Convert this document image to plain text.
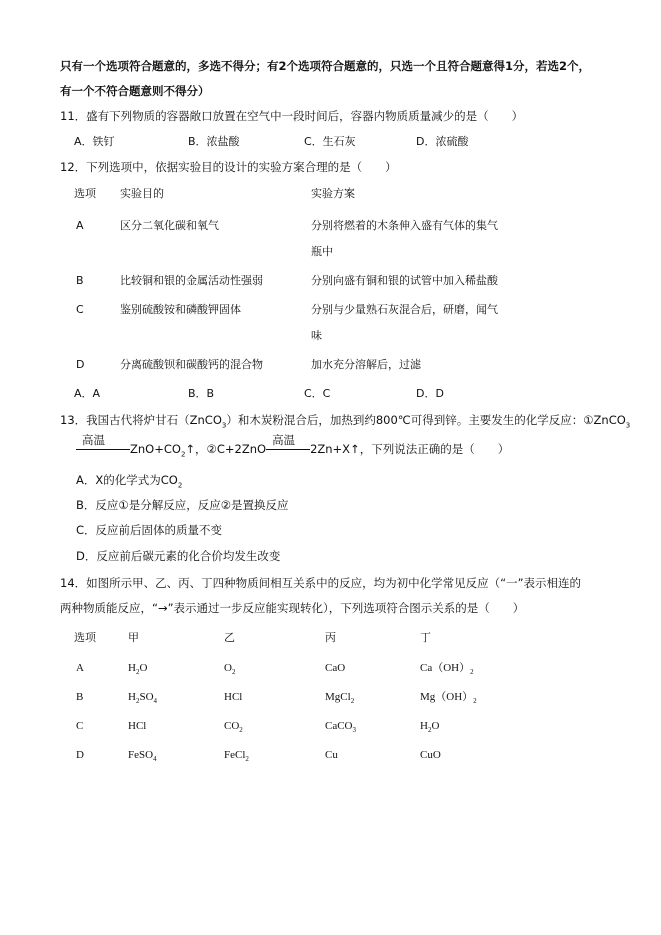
只有一个选项符合题意的，多选不得分；有2个选项符合题意的，只选一个且符合题意得1分，若选2个，
有一个不符合题意则不得分）
11．盛有下列物质的容器敞口放置在空气中一段时间后，容器内物质质量减少的是（　　）
A．铁钉	B．浓盐酸	C．生石灰	D．浓硫酸
12．下列选项中，依据实验目的设计的实验方案合理的是（　　）
选项 实验目的	实验方案
A	区分二氧化碳和氧气	分别将燃着的木条伸入盛有气体的集气
瓶中
B	比较铜和银的金属活动性强弱	分别向盛有铜和银的试管中加入稀盐酸
C	鉴别硫酸铵和磷酸钾固体	分别与少量熟石灰混合后，研磨，闻气
味
D	分离硫酸钡和碳酸钙的混合物	加水充分溶解后，过滤
A．A	B．B	C．C	D．D
13．我国古代将炉甘石（ZnCO$_3$）和木炭粉混合后，加热到约800℃可得到锌。主要发生的化学反应：①ZnCO$_3$
高温
$ZnO+CO_2↑$，②C+2ZnO
高温
2Zn+X↑，下列说法正确的是（　　）
A．X的化学式为$CO_2$
B．反应①是分解反应，反应②是置换反应
C．反应前后固体的质量不变
D．反应前后碳元素的化合价均发生改变
14．如图所示甲、乙、丙、丁四种物质间相互关系中的反应，均为初中化学常见反应（“一”表示相连的
两种物质能反应，“→”表示通过一步反应能实现转化），下列选项符合图示关系的是（　　）
选项	甲	乙	丙	丁
A	$H_2O$	$O_2$	CaO	$Ca(OH)_2$
B	$H_2SO_4$	HCl	MgCl$_2$	$Mg(OH)_2$
C	HCl	$CO_2$	CaCO$_3$	$H_2O$
D	FeSO$_4$	FeCl$_2$	Cu	CuO
